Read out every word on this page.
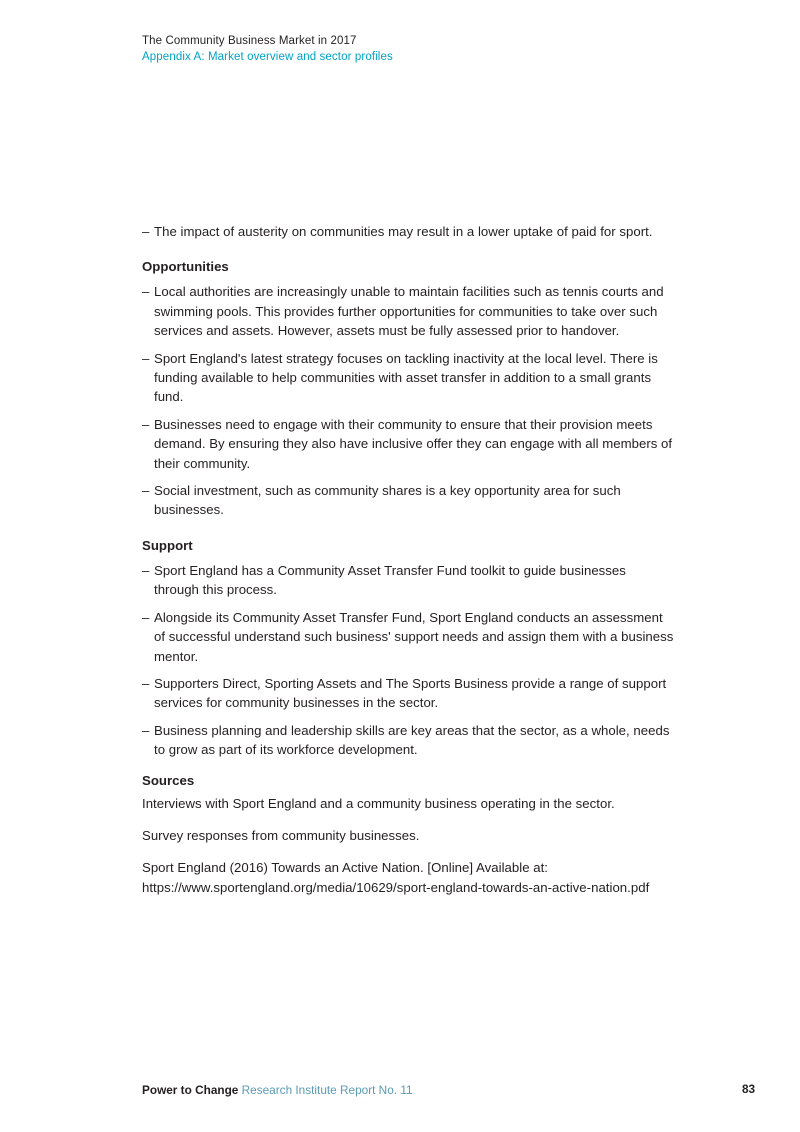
The Community Business Market in 2017
Appendix A: Market overview and sector profiles
– The impact of austerity on communities may result in a lower uptake of paid for sport.
Opportunities
– Local authorities are increasingly unable to maintain facilities such as tennis courts and swimming pools. This provides further opportunities for communities to take over such services and assets. However, assets must be fully assessed prior to handover.
– Sport England's latest strategy focuses on tackling inactivity at the local level. There is funding available to help communities with asset transfer in addition to a small grants fund.
– Businesses need to engage with their community to ensure that their provision meets demand. By ensuring they also have inclusive offer they can engage with all members of their community.
– Social investment, such as community shares is a key opportunity area for such businesses.
Support
– Sport England has a Community Asset Transfer Fund toolkit to guide businesses through this process.
– Alongside its Community Asset Transfer Fund, Sport England conducts an assessment of successful understand such business' support needs and assign them with a business mentor.
– Supporters Direct, Sporting Assets and The Sports Business provide a range of support services for community businesses in the sector.
– Business planning and leadership skills are key areas that the sector, as a whole, needs to grow as part of its workforce development.
Sources
Interviews with Sport England and a community business operating in the sector.
Survey responses from community businesses.
Sport England (2016) Towards an Active Nation. [Online] Available at: https://www.sportengland.org/media/10629/sport-england-towards-an-active-nation.pdf
Power to Change Research Institute Report No. 11	83
